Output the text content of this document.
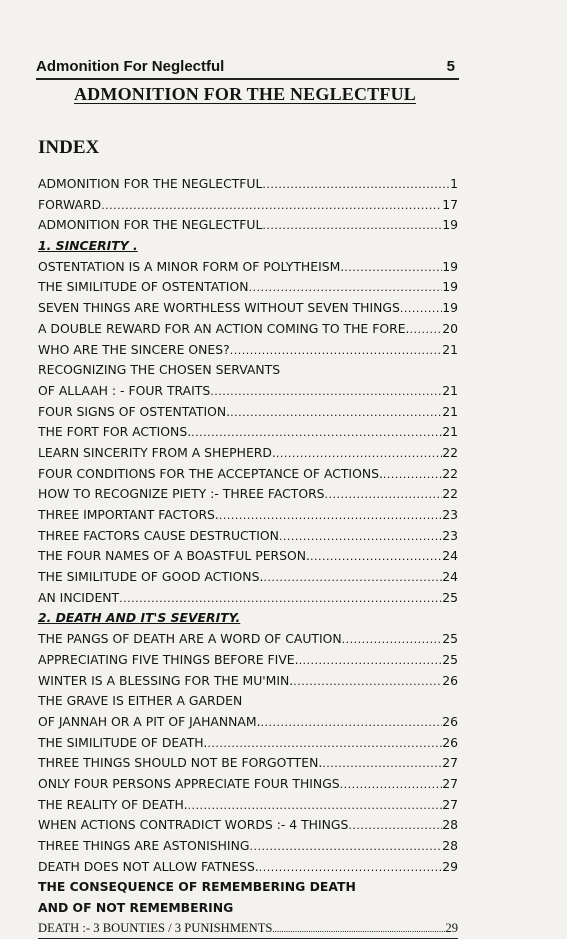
Admonition For Neglectful	5
ADMONITION FOR THE NEGLECTFUL
INDEX
ADMONITION FOR THE NEGLECTFUL .....	1
FORWARD .....	17
ADMONITION FOR THE NEGLECTFUL .....	19
1. SINCERITY .
OSTENTATION IS A MINOR FORM OF POLYTHEISM. .....	19
THE SIMILITUDE OF OSTENTATION .....	19
SEVEN THINGS ARE WORTHLESS WITHOUT SEVEN THINGS .....	19
A DOUBLE REWARD FOR AN ACTION COMING TO THE FORE. .....	20
WHO ARE THE SINCERE ONES? .....	21
RECOGNIZING THE CHOSEN SERVANTS
OF ALLAAH : - FOUR TRAITS .....	21
FOUR SIGNS OF OSTENTATION. .....	21
THE FORT FOR ACTIONS. .....	21
LEARN SINCERITY FROM A SHEPHERD. .....	22
FOUR CONDITIONS FOR THE ACCEPTANCE OF ACTIONS. .....	22
HOW TO RECOGNIZE PIETY :- THREE FACTORS .....	22
THREE IMPORTANT FACTORS. .....	23
THREE FACTORS CAUSE DESTRUCTION .....	23
THE FOUR NAMES OF A BOASTFUL PERSON. .....	24
THE SIMILITUDE OF GOOD ACTIONS. .....	24
AN INCIDENT .....	25
2. DEATH AND IT'S SEVERITY.
THE PANGS OF DEATH ARE A WORD OF CAUTION .....	25
APPRECIATING FIVE THINGS BEFORE FIVE. .....	25
WINTER IS A BLESSING FOR THE MU'MIN. .....	26
THE GRAVE IS EITHER A GARDEN
OF JANNAH OR A PIT OF JAHANNAM. .....	26
THE SIMILITUDE OF DEATH. .....	26
THREE THINGS SHOULD NOT BE FORGOTTEN. .....	27
ONLY FOUR PERSONS APPRECIATE FOUR THINGS .....	27
THE REALITY OF DEATH. .....	27
WHEN ACTIONS CONTRADICT WORDS :- 4 THINGS .....	28
THREE THINGS ARE ASTONISHING .....	28
DEATH DOES NOT ALLOW FATNESS. .....	29
THE CONSEQUENCE OF REMEMBERING DEATH
AND OF NOT REMEMBERING
DEATH :- 3 BOUNTIES / 3 PUNISHMENTS .....	29
